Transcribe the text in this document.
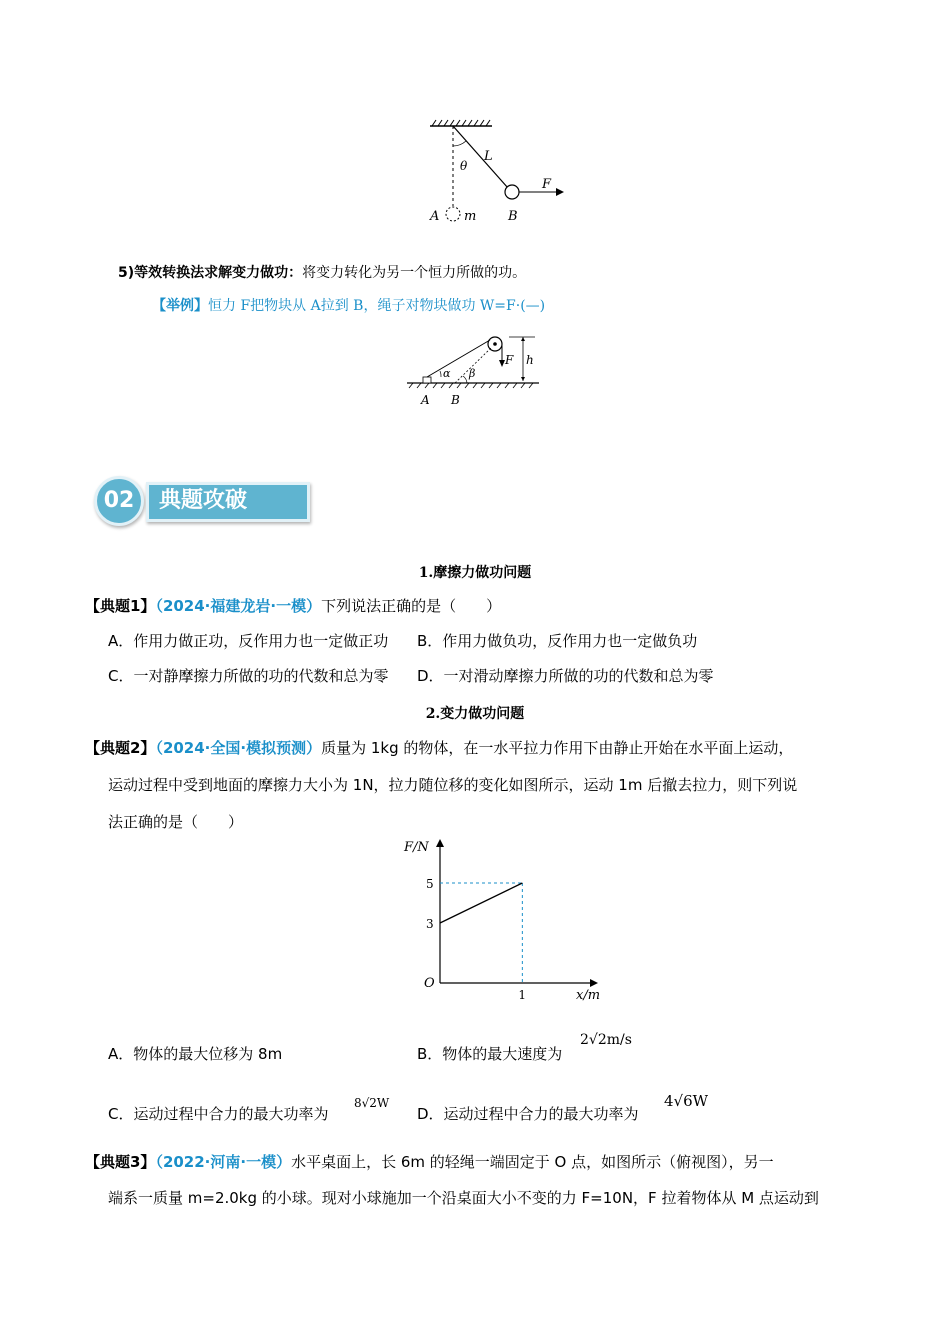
L
θ
F
A m B
5)等效转换法求解变力做功：将变力转化为另一个恒力所做的功。
【举例】恒力 F把物块从 A拉到 B，绳子对物块做功 W=F·(—)
F h
α β
A B
02	典题攻破
1.摩擦力做功问题
【典题1】（2024·福建龙岩·一模）下列说法正确的是（　　）
A．作用力做正功，反作用力也一定做正功 B．作用力做负功，反作用力也一定做负功
C．一对静摩擦力所做的功的代数和总为零 D．一对滑动摩擦力所做的功的代数和总为零
2.变力做功问题
【典题2】（2024·全国·模拟预测）质量为 1kg 的物体，在一水平拉力作用下由静止开始在水平面上运动，
运动过程中受到地面的摩擦力大小为 1N，拉力随位移的变化如图所示，运动 1m 后撤去拉力，则下列说
法正确的是（　　）
F/N
x/m
O
3
5
1
A．物体的最大位移为 8m	B．物体的最大速度为
2√2m/s
C．运动过程中合力的最大功率为
8√2W
D．运动过程中合力的最大功率为
4√6W
【典题3】（2022·河南·一模）水平桌面上，长 6m 的轻绳一端固定于 O 点，如图所示（俯视图），另一
端系一质量 m=2.0kg 的小球。现对小球施加一个沿桌面大小不变的力 F=10N，F 拉着物体从 M 点运动到
